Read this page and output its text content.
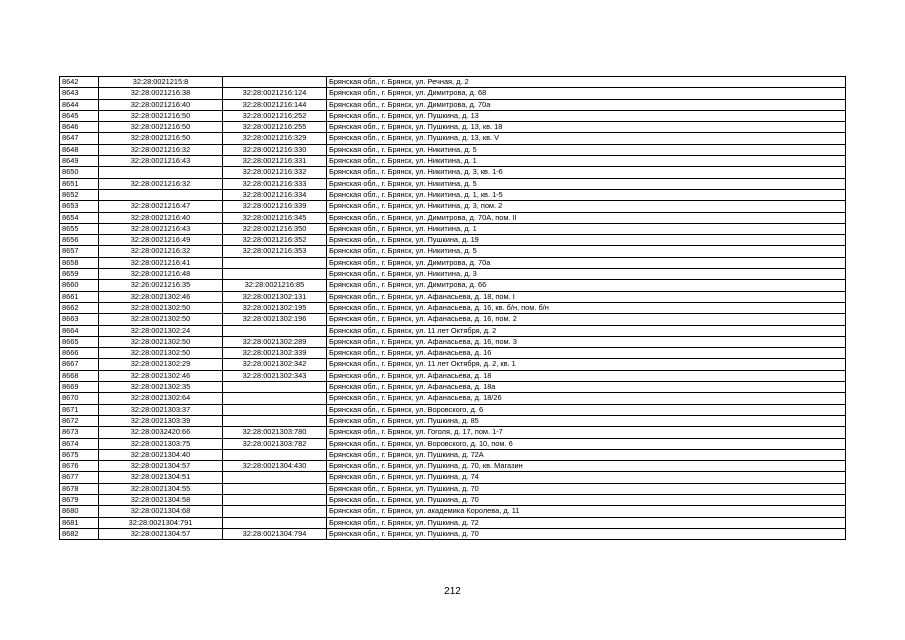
8642	32:28:0021215:8		Брянская обл., г. Брянск, ул. Речная, д. 2
8643	32:28:0021216:38	32:28:0021216:124	Брянская обл., г. Брянск, ул. Димитрова, д. 68
8644	32:28:0021216:40	32:28:0021216:144	Брянская обл., г. Брянск, ул. Димитрова, д. 70а
8645	32:28:0021216:50	32:28:0021216:252	Брянская обл., г. Брянск, ул. Пушкина, д. 13
8646	32:28:0021216:50	32:28:0021216:255	Брянская обл., г. Брянск, ул. Пушкина, д. 13, кв. 18
8647	32:28:0021216:50	32:28:0021216:329	Брянская обл., г. Брянск, ул. Пушкина, д. 13, кв. V
8648	32:28:0021216:32	32:28:0021216:330	Брянская обл., г. Брянск, ул. Никитина, д. 5
8649	32:28:0021216:43	32:28:0021216:331	Брянская обл., г. Брянск, ул. Никитина, д. 1
8650		32:28:0021216:332	Брянская обл., г. Брянск, ул. Никитина, д. 3, кв. 1-6
8651	32:28:0021216:32	32:28:0021216:333	Брянская обл., г. Брянск, ул. Никитина, д. 5
8652		32:28:0021216:334	Брянская обл., г. Брянск, ул. Никитина, д. 1, кв. 1-5
8653	32:28:0021216:47	32:28:0021216:339	Брянская обл., г. Брянск, ул. Никитина, д. 3, пом. 2
8654	32:28:0021216:40	32:28:0021216:345	Брянская обл., г. Брянск, ул. Димитрова, д. 70А, пом. II
8655	32:28:0021216:43	32:28:0021216:350	Брянская обл., г. Брянск, ул. Никитина, д. 1
8656	32:28:0021216:49	32:28:0021216:352	Брянская обл., г. Брянск, ул. Пушкина, д. 19
8657	32:28:0021216:32	32:28:0021216:353	Брянская обл., г. Брянск, ул. Никитина, д. 5
8658	32:28:0021216:41		Брянская обл., г. Брянск, ул. Димитрова, д. 70а
8659	32:28:0021216:48		Брянская обл., г. Брянск, ул. Никитина, д. 3
8660	32:26:0021216:35	32:28:0021216:85	Брянская обл., г. Брянск, ул. Димитрова, д. 66
8661	32:28:0021302:46	32:28:0021302:131	Брянская обл., г. Брянск, ул. Афанасьева, д. 18, пом. I
8662	32:28:0021302:50	32:28:0021302:195	Брянская обл., г. Брянск, ул. Афанасьева, д. 16, кв. б/н, пом. б/н
8663	32:28:0021302:50	32:28:0021302:196	Брянская обл., г. Брянск, ул. Афанасьева, д. 16, пом. 2
8664	32:28:0021302:24		Брянская обл., г. Брянск, ул. 11 лет Октября, д. 2
8665	32:28:0021302:50	32:28:0021302:289	Брянская обл., г. Брянск, ул. Афанасьева, д. 16, пом. 3
8666	32:28:0021302:50	32:28:0021302:339	Брянская обл., г. Брянск, ул. Афанасьева, д. 16
8667	32:28:0021302:29	32:28:0021302:342	Брянская обл., г. Брянск, ул. 11 лет Октября, д. 2, кв. 1
8668	32:28:0021302:46	32:28:0021302:343	Брянская обл., г. Брянск, ул. Афанасьева, д. 18
8669	32:28:0021302:35		Брянская обл., г. Брянск, ул. Афанасьева, д. 18а
8670	32:28:0021302:64		Брянская обл., г. Брянск, ул. Афанасьева, д. 18/26
8671	32:28:0021303:37		Брянская обл., г. Брянск, ул. Воровского, д. 6
8672	32:28:0021303:39		Брянская обл., г. Брянск, ул. Пушкина, д. 85
8673	32:28:0032420:66	32:28:0021303:780	Брянская обл., г. Брянск, ул. Гоголя, д. 17, пом. 1-7
8674	32:28:0021303:75	32:28:0021303:782	Брянская обл., г. Брянск, ул. Воровского, д. 10, пом. 6
8675	32:28:0021304:40		Брянская обл., г. Брянск, ул. Пушкина, д. 72А
8676	32:28:0021304:57	32:28:0021304:430	Брянская обл., г. Брянск, ул. Пушкина, д. 70, кв. Магазин
8677	32:28:0021304:51		Брянская обл., г. Брянск, ул. Пушкина, д. 74
8678	32:28:0021304:55		Брянская обл., г. Брянск, ул. Пушкина, д. 70
8679	32:28:0021304:58		Брянская обл., г. Брянск, ул. Пушкина, д. 70
8680	32:28:0021304:68		Брянская обл., г. Брянск, ул. академика Королева, д. 11
8681	32:28:0021304:791		Брянская обл., г. Брянск, ул. Пушкина, д. 72
8682	32:28:0021304:57	32:28:0021304:794	Брянская обл., г. Брянск, ул. Пушкина, д. 70
212
